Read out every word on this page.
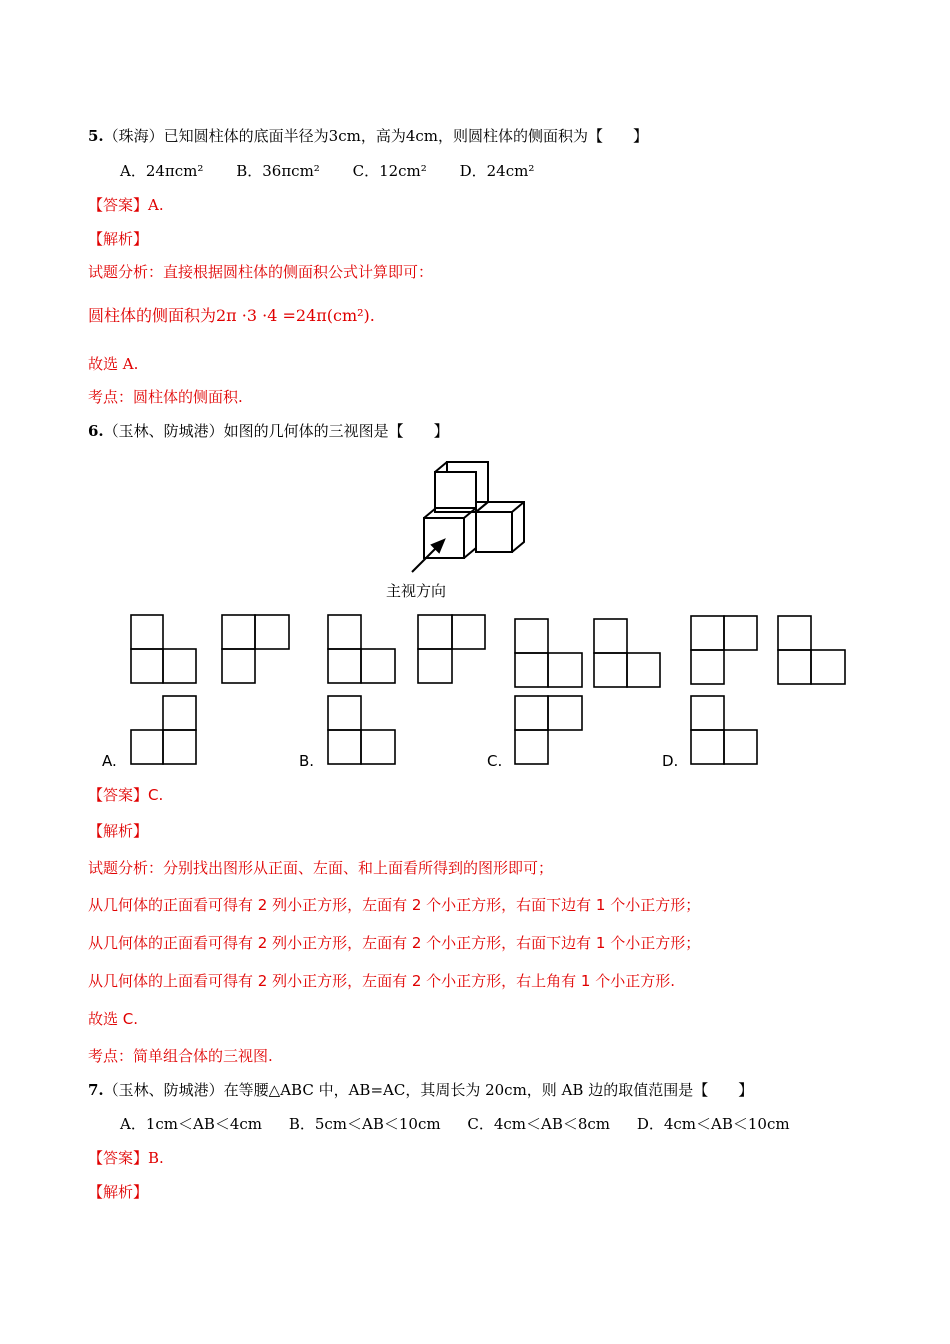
5.（珠海）已知圆柱体的底面半径为3cm，高为4cm，则圆柱体的侧面积为【　　】
A．24πcm² B．36πcm² C．12cm² D．24cm²
【答案】A.
【解析】
试题分析：直接根据圆柱体的侧面积公式计算即可：
圆柱体的侧面积为2π ·3 ·4 =24π(cm²).
故选 A.
考点：圆柱体的侧面积.
6.（玉林、防城港）如图的几何体的三视图是【　　】
主视方向
A.	B.	C.	D.
【答案】C.
【解析】
试题分析：分别找出图形从正面、左面、和上面看所得到的图形即可；
从几何体的正面看可得有 2 列小正方形，左面有 2 个小正方形，右面下边有 1 个小正方形；
从几何体的正面看可得有 2 列小正方形，左面有 2 个小正方形，右面下边有 1 个小正方形；
从几何体的上面看可得有 2 列小正方形，左面有 2 个小正方形，右上角有 1 个小正方形.
故选 C.
考点：简单组合体的三视图.
7.（玉林、防城港）在等腰△ABC 中，AB=AC，其周长为 20cm，则 AB 边的取值范围是【　　】
A．1cm＜AB＜4cm B．5cm＜AB＜10cm C．4cm＜AB＜8cm D．4cm＜AB＜10cm
【答案】B.
【解析】
